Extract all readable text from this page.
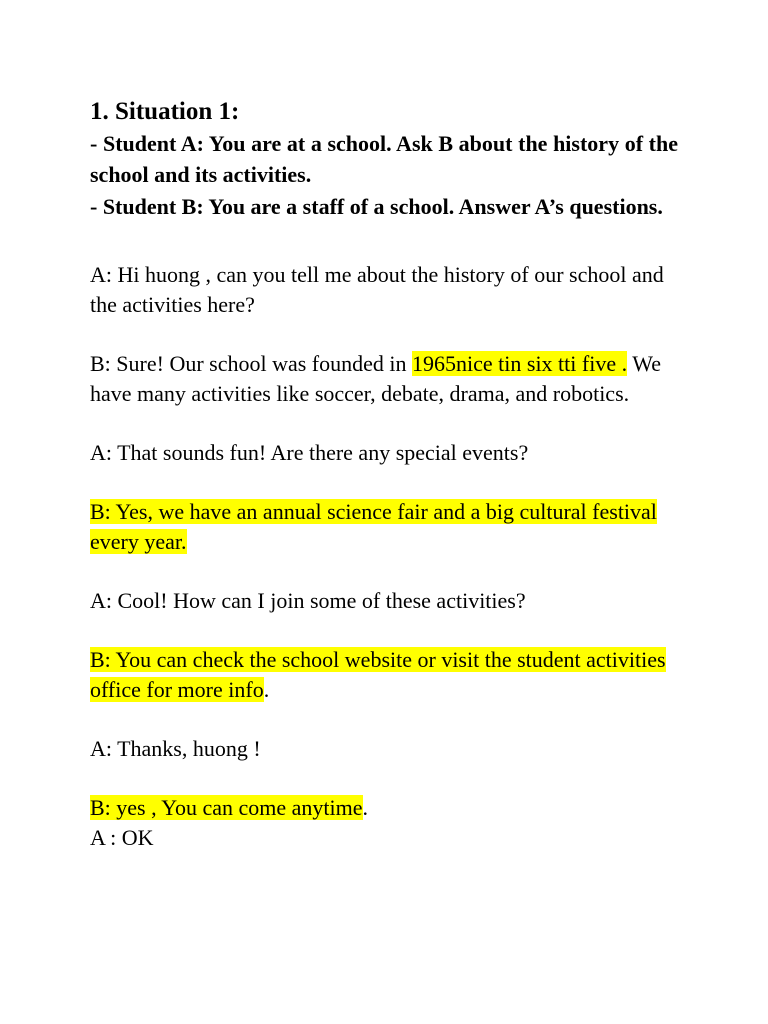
1. Situation 1:

- Student A: You are at a school. Ask B about the history of the school and its activities.

- Student B: You are a staff of a school. Answer A’s questions.

A: Hi huong , can you tell me about the history of our school and the activities here?

B: Sure! Our school was founded in 1965nice tin six tti five . We have many activities like soccer, debate, drama, and robotics.

A: That sounds fun! Are there any special events?

B: Yes, we have an annual science fair and a big cultural festival every year.

A: Cool! How can I join some of these activities?

B: You can check the school website or visit the student activities office for more info.

A: Thanks, huong !

B: yes , You can come anytime.

A : OK
